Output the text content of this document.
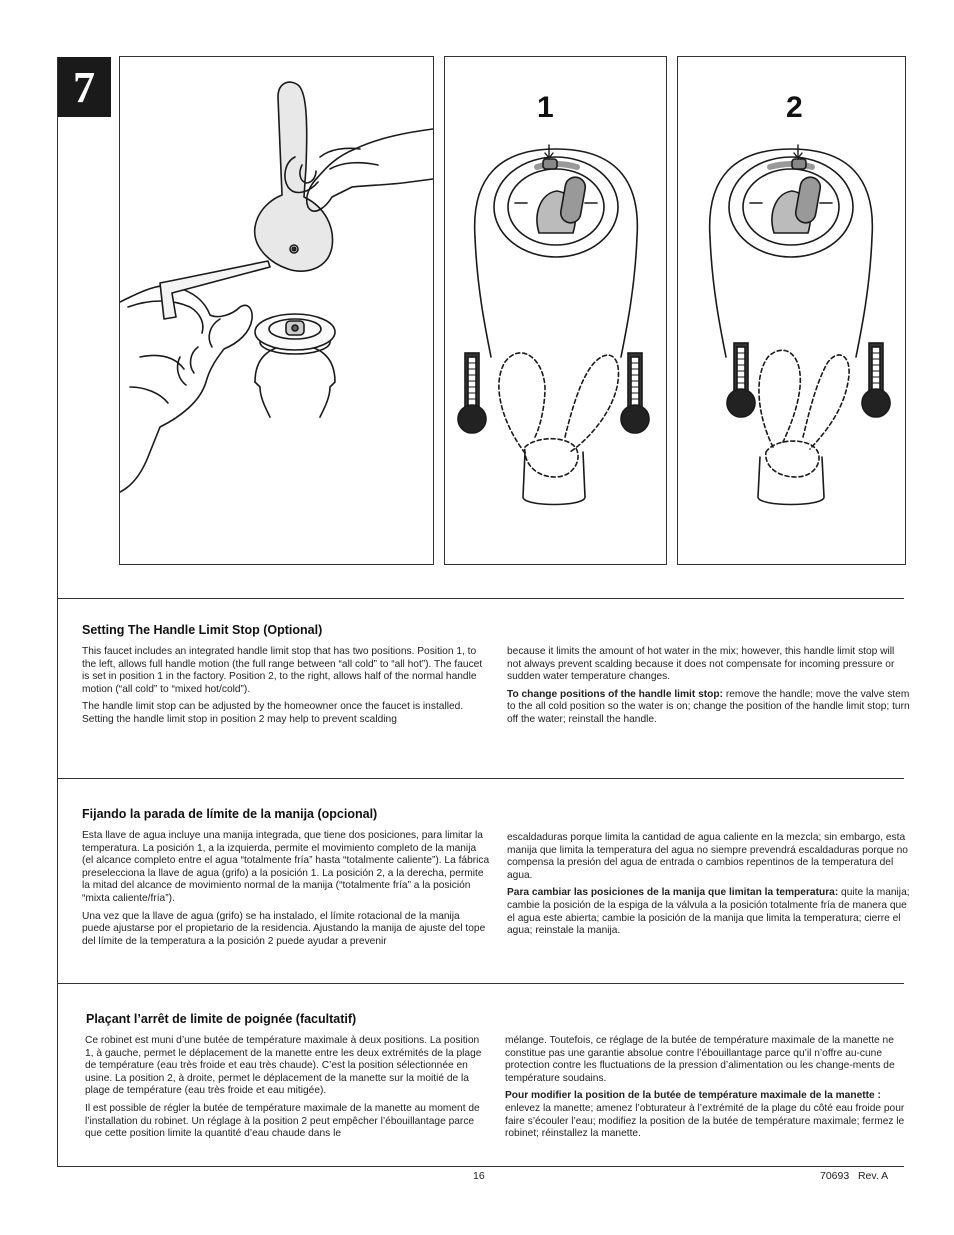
7	1	2
Setting The Handle Limit Stop (Optional)

This faucet includes an integrated handle limit stop that has two positions. Position 1, to the left, allows full handle motion (the full range between “all cold” to “all hot”). The faucet is set in position 1 in the factory. Position 2, to the right, allows half of the normal handle motion (“all cold” to “mixed hot/cold”).

The handle limit stop can be adjusted by the homeowner once the faucet is installed. Setting the handle limit stop in position 2 may help to prevent scalding

because it limits the amount of hot water in the mix; however, this handle limit stop will not always prevent scalding because it does not compensate for incoming pressure or sudden water temperature changes.

To change positions of the handle limit stop: remove the handle; move the valve stem to the all cold position so the water is on; change the position of the handle limit stop; turn off the water; reinstall the handle.

Fijando la parada de límite de la manija (opcional)

Esta llave de agua incluye una manija integrada, que tiene dos posiciones, para limitar la temperatura. La posición 1, a la izquierda, permite el movimiento completo de la manija (el alcance completo entre el agua “totalmente fría” hasta “totalmente caliente”). La fábrica preselecciona la llave de agua (grifo) a la posición 1. La posición 2, a la derecha, permite la mitad del alcance de movimiento normal de la manija (“totalmente fría” a la posición “mixta caliente/fría”).

Una vez que la llave de agua (grifo) se ha instalado, el límite rotacional de la manija puede ajustarse por el propietario de la residencia. Ajustando la manija de ajuste del tope del límite de la temperatura a la posición 2 puede ayudar a prevenir

escaldaduras porque limita la cantidad de agua caliente en la mezcla; sin embargo, esta manija que limita la temperatura del agua no siempre prevendrá escaldaduras porque no compensa la presión del agua de entrada o cambios repentinos de la temperatura del agua.

Para cambiar las posiciones de la manija que limitan la temperatura: quite la manija; cambie la posición de la espiga de la válvula a la posición totalmente fría de manera que el agua este abierta; cambie la posición de la manija que limita la temperatura; cierre el agua; reinstale la manija.

Plaçant l’arrêt de limite de poignée (facultatif)

Ce robinet est muni d’une butée de température maximale à deux positions. La position 1, à gauche, permet le déplacement de la manette entre les deux extrémités de la plage de température (eau très froide et eau très chaude). C’est la position sélectionnée en usine. La position 2, à droite, permet le déplacement de la manette sur la moitié de la plage de température (eau très froide et eau mitigée).

Il est possible de régler la butée de température maximale de la manette au moment de l’installation du robinet. Un réglage à la position 2 peut empêcher l’ébouillantage parce que cette position limite la quantité d’eau chaude dans le

mélange. Toutefois, ce réglage de la butée de température maximale de la manette ne constitue pas une garantie absolue contre l’ébouillantage parce qu’il n’offre au-cune protection contre les fluctuations de la pression d’alimentation ou les change-ments de température soudains.

Pour modifier la position de la butée de température maximale de la manette : enlevez la manette; amenez l’obturateur à l’extrémité de la plage du côté eau froide pour faire s’écouler l’eau; modifiez la position de la butée de température maximale; fermez le robinet; réinstallez la manette.

16	70693   Rev. A
